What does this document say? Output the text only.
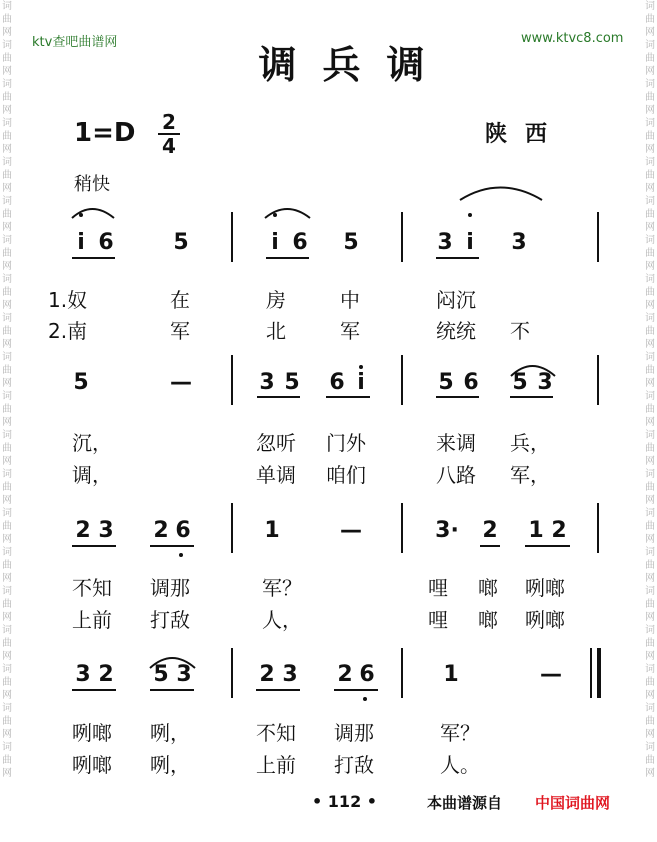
词曲网词曲网词曲网词曲网词曲网词曲网词曲网词曲网词曲网词曲网词曲网词曲网词曲网词曲网词曲网词曲网词曲网词曲网词曲网词曲网
词曲网词曲网词曲网词曲网词曲网词曲网词曲网词曲网词曲网词曲网词曲网词曲网词曲网词曲网词曲网词曲网词曲网词曲网词曲网词曲网
ktv查吧曲谱网	www.ktvc8.com
调兵调
1=D 2
4	陕西
稍快
i 6	5	i 6 5	3 i	3
1.奴	在	房	中	闷沉
2.南	军	北	军	统统 不
5	—	3 5 6 i	5 6 5 3
沉，	忽听 门外	来调 兵，
调，	单调 咱们	八路 军，
2 3 2 6	1	—	3·	2 1 2
不知 调那	军？	哩 啷 咧啷
上前 打敌	人，	哩 啷 咧啷
3 2 5 3	2 3 2 6	1	—
咧啷 咧，	不知 调那	军？
咧啷 咧，	上前 打敌	人。
• 112 •	本曲谱源自 中国词曲网
